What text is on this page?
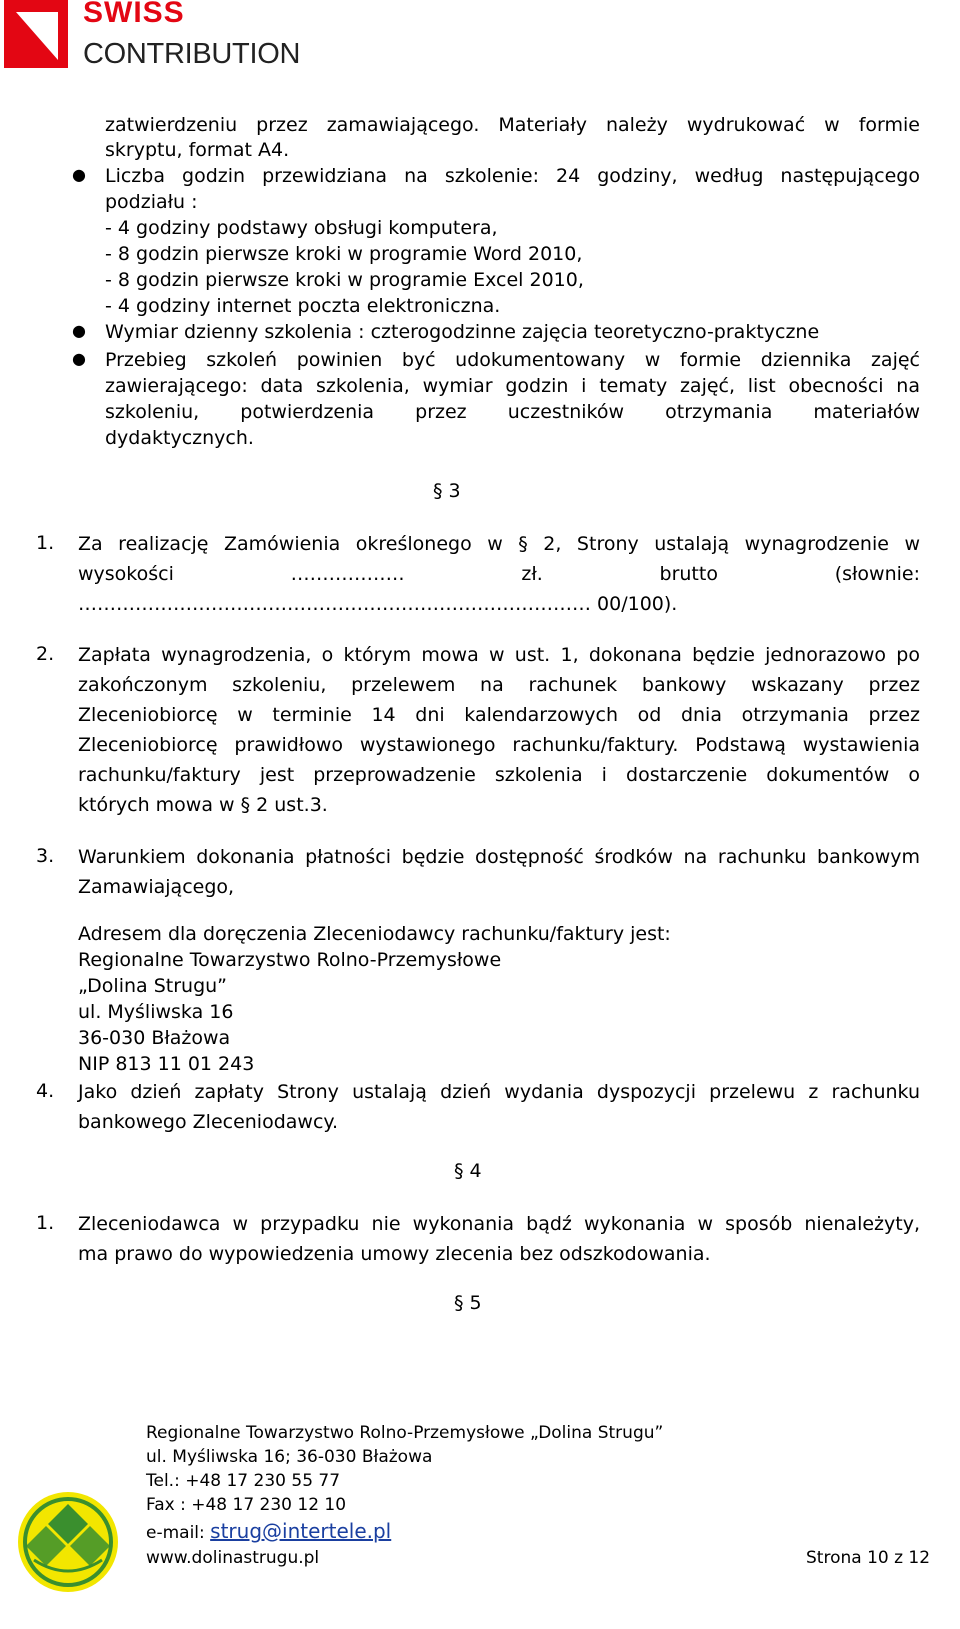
SWISS
CONTRIBUTION
zatwierdzeniu przez zamawiającego. Materiały należy wydrukować w formie
skryptu, format A4.
● Liczba godzin przewidziana na szkolenie: 24 godziny, według następującego
podziału :
- 4 godziny podstawy obsługi komputera,
- 8 godzin pierwsze kroki w programie Word 2010,
- 8 godzin pierwsze kroki w programie Excel 2010,
- 4 godziny internet poczta elektroniczna.
● Wymiar dzienny szkolenia : czterogodzinne zajęcia teoretyczno-praktyczne
● Przebieg szkoleń powinien być udokumentowany w formie dziennika zajęć
zawierającego: data szkolenia, wymiar godzin i tematy zajęć, list obecności na
szkoleniu, potwierdzenia przez uczestników otrzymania materiałów
dydaktycznych.
§ 3
1. Za realizację Zamówienia określonego w § 2, Strony ustalają wynagrodzenie w
wysokości ……………… zł. brutto (słownie:
……………………………………………………………………… 00/100).
2. Zapłata wynagrodzenia, o którym mowa w ust. 1, dokonana będzie jednorazowo po
zakończonym szkoleniu, przelewem na rachunek bankowy wskazany przez
Zleceniobiorcę w terminie 14 dni kalendarzowych od dnia otrzymania przez
Zleceniobiorcę prawidłowo wystawionego rachunku/faktury. Podstawą wystawienia
rachunku/faktury jest przeprowadzenie szkolenia i dostarczenie dokumentów o
których mowa w § 2 ust.3.
3. Warunkiem dokonania płatności będzie dostępność środków na rachunku bankowym
Zamawiającego,
Adresem dla doręczenia Zleceniodawcy rachunku/faktury jest:
Regionalne Towarzystwo Rolno-Przemysłowe
„Dolina Strugu”
ul. Myśliwska 16
36-030 Błażowa
NIP 813 11 01 243
4. Jako dzień zapłaty Strony ustalają dzień wydania dyspozycji przelewu z rachunku
bankowego Zleceniodawcy.
§ 4
1. Zleceniodawca w przypadku nie wykonania bądź wykonania w sposób nienależyty,
ma prawo do wypowiedzenia umowy zlecenia bez odszkodowania.
§ 5
Regionalne Towarzystwo Rolno-Przemysłowe „Dolina Strugu”
ul. Myśliwska 16; 36-030 Błażowa
Tel.: +48 17 230 55 77
Fax : +48 17 230 12 10
e-mail: strug@intertele.pl
www.dolinastrugu.pl	Strona 10 z 12
